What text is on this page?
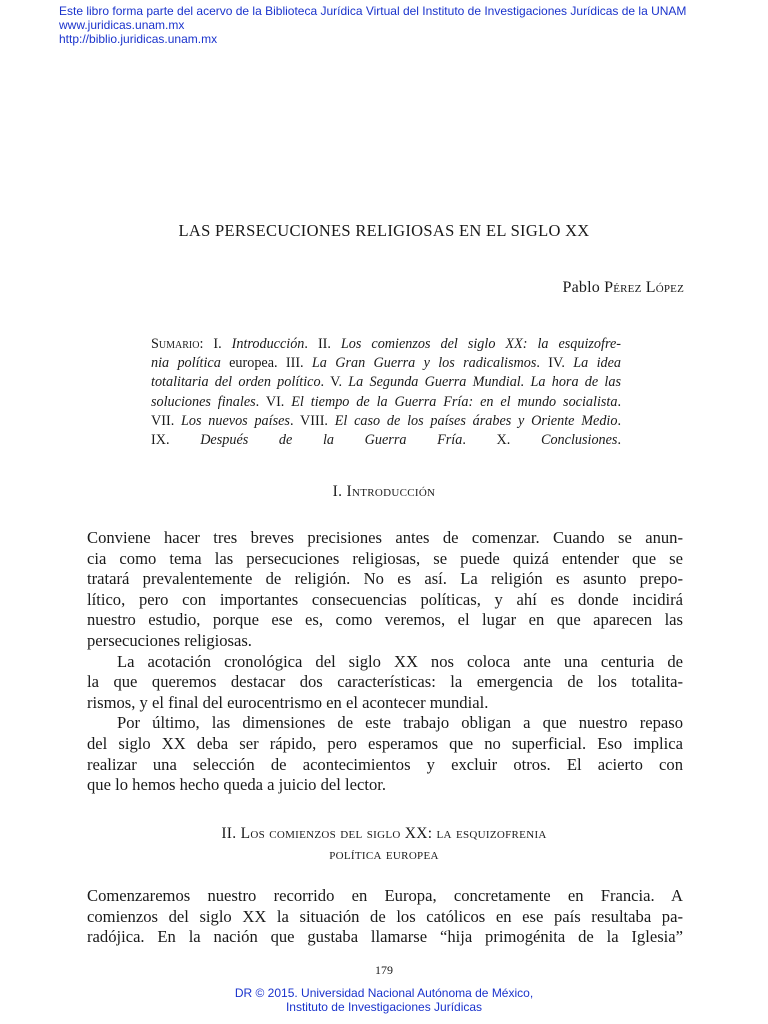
Este libro forma parte del acervo de la Biblioteca Jurídica Virtual del Instituto de Investigaciones Jurídicas de la UNAM
www.juridicas.unam.mx
http://biblio.juridicas.unam.mx
LAS PERSECUCIONES RELIGIOSAS EN EL SIGLO XX
Pablo Pérez López
Sumario: I. Introducción. II. Los comienzos del siglo XX: la esquizofre-
nia política europea. III. La Gran Guerra y los radicalismos. IV. La idea
totalitaria del orden político. V. La Segunda Guerra Mundial. La hora de las
soluciones finales. VI. El tiempo de la Guerra Fría: en el mundo socialista.
VII. Los nuevos países. VIII. El caso de los países árabes y Oriente Medio.
IX. Después de la Guerra Fría. X. Conclusiones.
I. Introducción
Conviene hacer tres breves precisiones antes de comenzar. Cuando se anun-
cia como tema las persecuciones religiosas, se puede quizá entender que se
tratará prevalentemente de religión. No es así. La religión es asunto prepo-
lítico, pero con importantes consecuencias políticas, y ahí es donde incidirá
nuestro estudio, porque ese es, como veremos, el lugar en que aparecen las
persecuciones religiosas.
La acotación cronológica del siglo XX nos coloca ante una centuria de
la que queremos destacar dos características: la emergencia de los totalita-
rismos, y el final del eurocentrismo en el acontecer mundial.
Por último, las dimensiones de este trabajo obligan a que nuestro repaso
del siglo XX deba ser rápido, pero esperamos que no superficial. Eso implica
realizar una selección de acontecimientos y excluir otros. El acierto con
que lo hemos hecho queda a juicio del lector.
II. Los comienzos del siglo XX: la esquizofrenia
política europea
Comenzaremos nuestro recorrido en Europa, concretamente en Francia. A
comienzos del siglo XX la situación de los católicos en ese país resultaba pa-
radójica. En la nación que gustaba llamarse “hija primogénita de la Iglesia”
179
DR © 2015. Universidad Nacional Autónoma de México,
Instituto de Investigaciones Jurídicas
